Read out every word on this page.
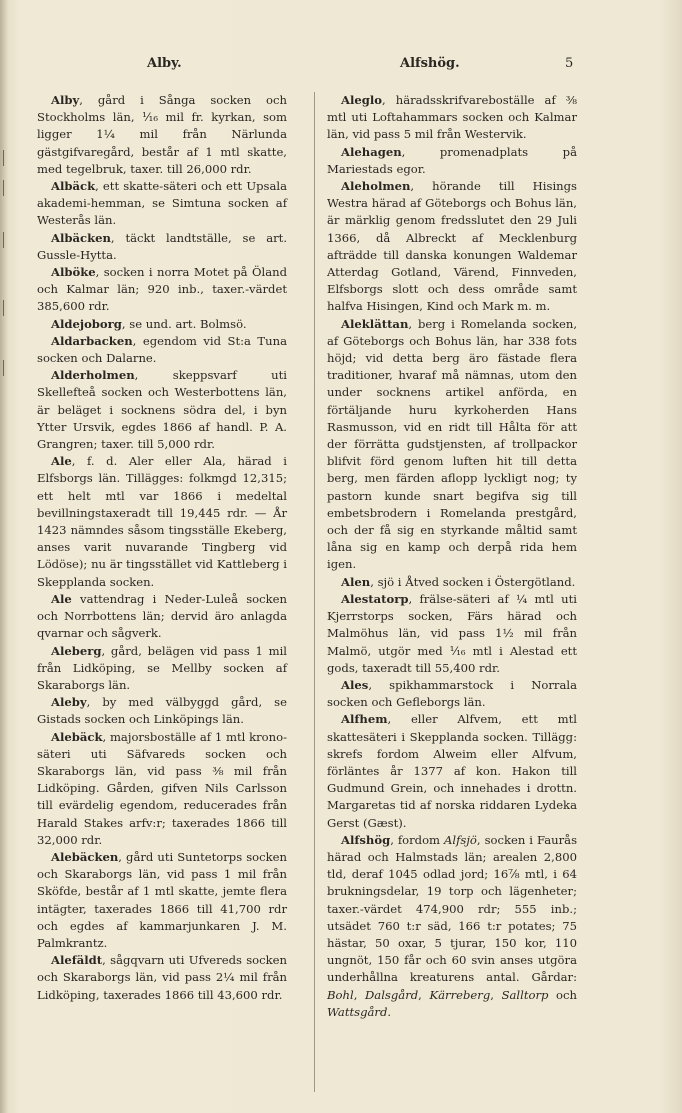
Alby.	Alfshög.	5

Alby, gård i Sånga socken och Stockholms län, ¹⁄₁₆ mil fr. kyrkan, som ligger 1¼ mil från Närlunda gästgifvaregård, består af 1 mtl skatte, med tegelbruk, taxer. till 26,000 rdr.

Albäck, ett skatte-säteri och ett Upsala akademi-hemman, se Simtuna socken af Westerås län.

Albäcken, täckt landtställe, se art. Gussle-Hytta.

Alböke, socken i norra Motet på Öland och Kalmar län; 920 inb., taxer.-värdet 385,600 rdr.

Aldejoborg, se und. art. Bolmsö.

Aldarbacken, egendom vid St:a Tuna socken och Dalarne.

Alderholmen, skeppsvarf uti Skellefteå socken och Westerbottens län, är beläget i socknens södra del, i byn Ytter Ursvik, egdes 1866 af handl. P. A. Grangren; taxer. till 5,000 rdr.

Ale, f. d. Aler eller Ala, härad i Elfsborgs län. Tillägges: folkmgd 12,315; ett helt mtl var 1866 i medeltal bevillningstaxeradt till 19,445 rdr. — År 1423 nämndes såsom tingsställe Ekeberg, anses varit nuvarande Tingberg vid Lödöse); nu är tingsstället vid Kattleberg i Skepplanda socken.

Ale vattendrag i Neder-Luleå socken och Norrbottens län; dervid äro anlagda qvarnar och sågverk.

Aleberg, gård, belägen vid pass 1 mil från Lidköping, se Mellby socken af Skaraborgs län.

Aleby, by med välbyggd gård, se Gistads socken och Linköpings län.

Alebäck, majorsboställe af 1 mtl krono-säteri uti Säfvareds socken och Skaraborgs län, vid pass ⅜ mil från Lidköping. Gården, gifven Nils Carlsson till evärdelig egendom, reducerades från Harald Stakes arfv:r; taxerades 1866 till 32,000 rdr.

Alebäcken, gård uti Suntetorps socken och Skaraborgs län, vid pass 1 mil från Sköfde, består af 1 mtl skatte, jemte flera intägter, taxerades 1866 till 41,700 rdr och egdes af kammarjunkaren J. M. Palmkrantz.

Alefäldt, sågqvarn uti Ufvereds socken och Skaraborgs län, vid pass 2¼ mil från Lidköping, taxerades 1866 till 43,600 rdr.

Aleglo, häradsskrifvareboställe af ⅜ mtl uti Loftahammars socken och Kalmar län, vid pass 5 mil från Westervik.

Alehagen, promenadplats på Mariestads egor.

Aleholmen, hörande till Hisings Westra härad af Göteborgs och Bohus län, är märklig genom fredsslutet den 29 Juli 1366, då Albreckt af Mecklenburg afträdde till danska konungen Waldemar Atterdag Gotland, Värend, Finnveden, Elfsborgs slott och dess område samt halfva Hisingen, Kind och Mark m. m.

Aleklättan, berg i Romelanda socken, af Göteborgs och Bohus län, har 338 fots höjd; vid detta berg äro fästade flera traditioner, hvaraf må nämnas, utom den under socknens artikel anförda, en förtäljande huru kyrkoherden Hans Rasmusson, vid en ridt till Hålta för att der förrätta gudstjensten, af trollpackor blifvit förd genom luften hit till detta berg, men färden aflopp lyckligt nog; ty pastorn kunde snart begifva sig till embetsbrodern i Romelanda prestgård, och der få sig en styrkande måltid samt låna sig en kamp och derpå rida hem igen.

Alen, sjö i Åtved socken i Östergötland.

Alestatorp, frälse-säteri af ¼ mtl uti Kjerrstorps socken, Färs härad och Malmöhus län, vid pass 1½ mil från Malmö, utgör med ¹⁄₁₆ mtl i Alestad ett gods, taxeradt till 55,400 rdr.

Ales, spikhammarstock i Norrala socken och Gefleborgs län.

Alfhem, eller Alfvem, ett mtl skattesäteri i Skepplanda socken. Tillägg: skrefs fordom Alweim eller Alfvum, förläntes år 1377 af kon. Hakon till Gudmund Grein, och innehades i drottn. Margaretas tid af norska riddaren Lydeka Gerst (Gæst).

Alfshög, fordom Alfsjö, socken i Faurås härad och Halmstads län; arealen 2,800 tld, deraf 1045 odlad jord; 16⁷⁄₈ mtl, i 64 brukningsdelar, 19 torp och lägenheter; taxer.-värdet 474,900 rdr; 555 inb.; utsädet 760 t:r säd, 166 t:r potates; 75 hästar, 50 oxar, 5 tjurar, 150 kor, 110 ungnöt, 150 får och 60 svin anses utgöra underhållna kreaturens antal. Gårdar: Bohl, Dalsgård, Kärreberg, Salltorp och Wattsgård.
